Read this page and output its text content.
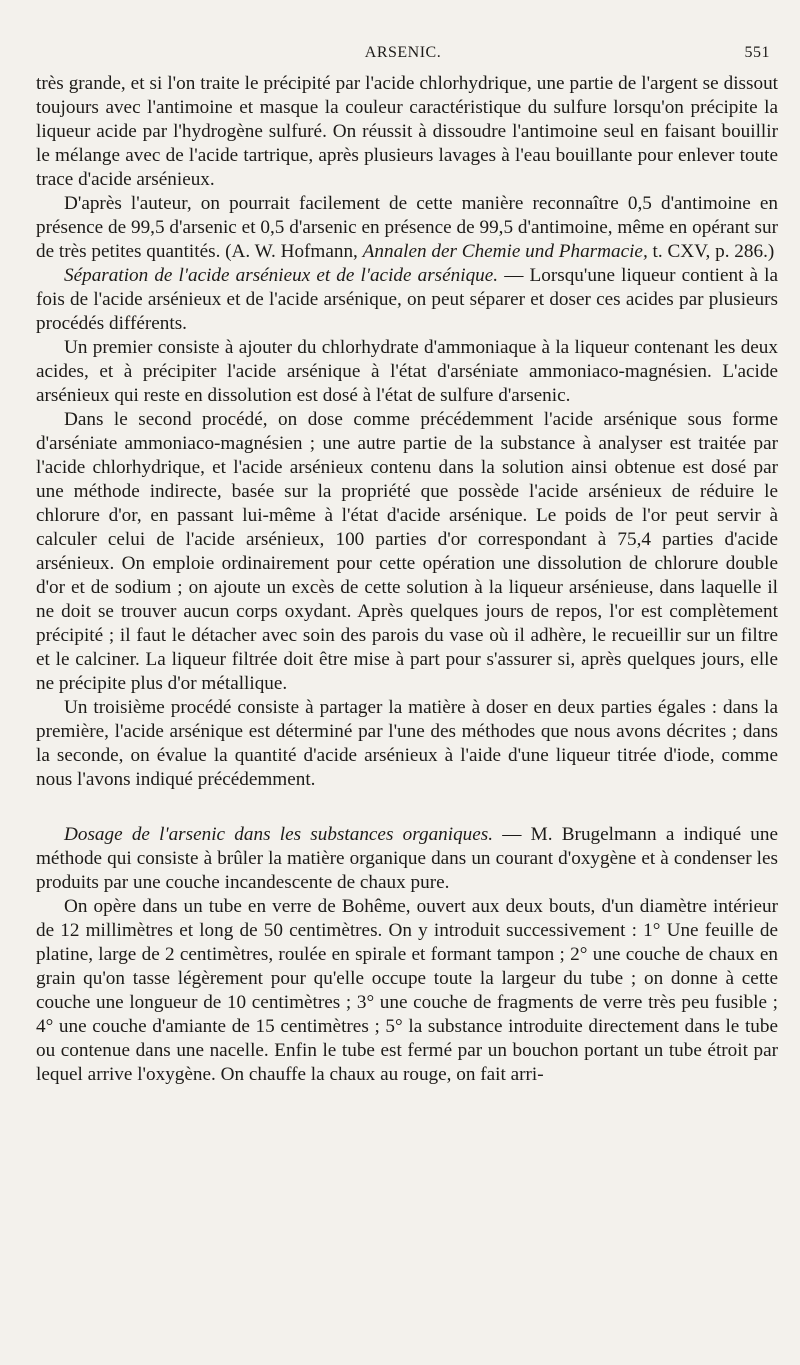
ARSENIC.	551

très grande, et si l'on traite le précipité par l'acide chlorhydrique, une partie de l'argent se dissout toujours avec l'antimoine et masque la couleur caractéristique du sulfure lorsqu'on précipite la liqueur acide par l'hydrogène sulfuré. On réussit à dissoudre l'antimoine seul en faisant bouillir le mélange avec de l'acide tartrique, après plusieurs lavages à l'eau bouillante pour enlever toute trace d'acide arsénieux.

D'après l'auteur, on pourrait facilement de cette manière reconnaître 0,5 d'antimoine en présence de 99,5 d'arsenic et 0,5 d'arsenic en présence de 99,5 d'antimoine, même en opérant sur de très petites quantités. (A. W. Hofmann, Annalen der Chemie und Pharmacie, t. CXV, p. 286.)

Séparation de l'acide arsénieux et de l'acide arsénique. — Lorsqu'une liqueur contient à la fois de l'acide arsénieux et de l'acide arsénique, on peut séparer et doser ces acides par plusieurs procédés différents.

Un premier consiste à ajouter du chlorhydrate d'ammoniaque à la liqueur contenant les deux acides, et à précipiter l'acide arsénique à l'état d'arséniate ammoniaco-magnésien. L'acide arsénieux qui reste en dissolution est dosé à l'état de sulfure d'arsenic.

Dans le second procédé, on dose comme précédemment l'acide arsénique sous forme d'arséniate ammoniaco-magnésien ; une autre partie de la substance à analyser est traitée par l'acide chlorhydrique, et l'acide arsénieux contenu dans la solution ainsi obtenue est dosé par une méthode indirecte, basée sur la propriété que possède l'acide arsénieux de réduire le chlorure d'or, en passant lui-même à l'état d'acide arsénique. Le poids de l'or peut servir à calculer celui de l'acide arsénieux, 100 parties d'or correspondant à 75,4 parties d'acide arsénieux. On emploie ordinairement pour cette opération une dissolution de chlorure double d'or et de sodium ; on ajoute un excès de cette solution à la liqueur arsénieuse, dans laquelle il ne doit se trouver aucun corps oxydant. Après quelques jours de repos, l'or est complètement précipité ; il faut le détacher avec soin des parois du vase où il adhère, le recueillir sur un filtre et le calciner. La liqueur filtrée doit être mise à part pour s'assurer si, après quelques jours, elle ne précipite plus d'or métallique.

Un troisième procédé consiste à partager la matière à doser en deux parties égales : dans la première, l'acide arsénique est déterminé par l'une des méthodes que nous avons décrites ; dans la seconde, on évalue la quantité d'acide arsénieux à l'aide d'une liqueur titrée d'iode, comme nous l'avons indiqué précédemment.

Dosage de l'arsenic dans les substances organiques. — M. Brugelmann a indiqué une méthode qui consiste à brûler la matière organique dans un courant d'oxygène et à condenser les produits par une couche incandescente de chaux pure.

On opère dans un tube en verre de Bohême, ouvert aux deux bouts, d'un diamètre intérieur de 12 millimètres et long de 50 centimètres. On y introduit successivement : 1° Une feuille de platine, large de 2 centimètres, roulée en spirale et formant tampon ; 2° une couche de chaux en grain qu'on tasse légèrement pour qu'elle occupe toute la largeur du tube ; on donne à cette couche une longueur de 10 centimètres ; 3° une couche de fragments de verre très peu fusible ; 4° une couche d'amiante de 15 centimètres ; 5° la substance introduite directement dans le tube ou contenue dans une nacelle. Enfin le tube est fermé par un bouchon portant un tube étroit par lequel arrive l'oxygène. On chauffe la chaux au rouge, on fait arri-
